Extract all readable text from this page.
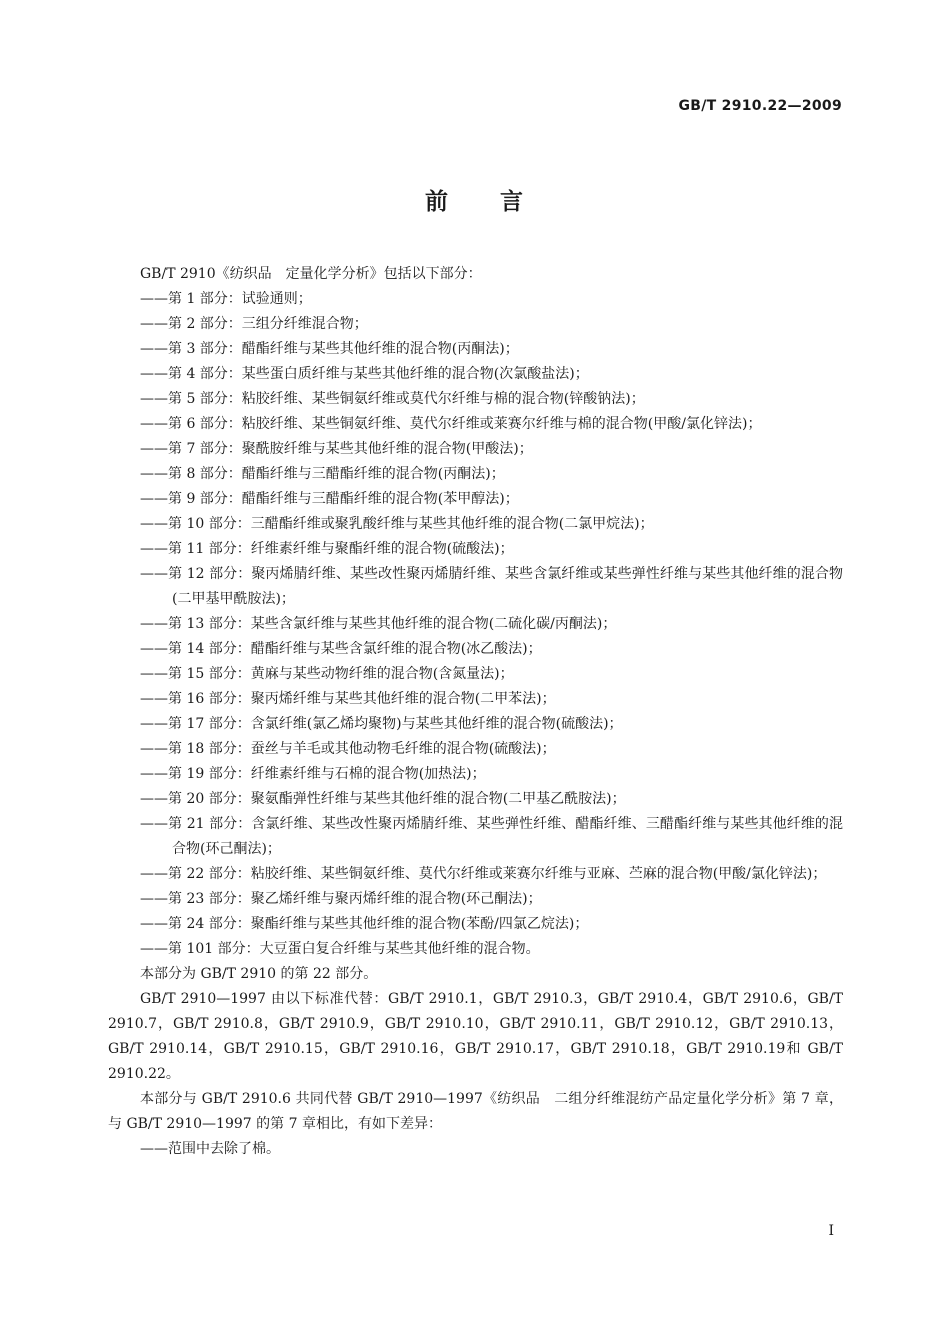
GB/T 2910.22—2009
前 言

GB/T 2910《纺织品　定量化学分析》包括以下部分：

——第 1 部分：试验通则；

——第 2 部分：三组分纤维混合物；

——第 3 部分：醋酯纤维与某些其他纤维的混合物(丙酮法)；

——第 4 部分：某些蛋白质纤维与某些其他纤维的混合物(次氯酸盐法)；

——第 5 部分：粘胶纤维、某些铜氨纤维或莫代尔纤维与棉的混合物(锌酸钠法)；

——第 6 部分：粘胶纤维、某些铜氨纤维、莫代尔纤维或莱赛尔纤维与棉的混合物(甲酸/氯化锌法)；

——第 7 部分：聚酰胺纤维与某些其他纤维的混合物(甲酸法)；

——第 8 部分：醋酯纤维与三醋酯纤维的混合物(丙酮法)；

——第 9 部分：醋酯纤维与三醋酯纤维的混合物(苯甲醇法)；

——第 10 部分：三醋酯纤维或聚乳酸纤维与某些其他纤维的混合物(二氯甲烷法)；

——第 11 部分：纤维素纤维与聚酯纤维的混合物(硫酸法)；

——第 12 部分：聚丙烯腈纤维、某些改性聚丙烯腈纤维、某些含氯纤维或某些弹性纤维与某些其他纤维的混合物(二甲基甲酰胺法)；

——第 13 部分：某些含氯纤维与某些其他纤维的混合物(二硫化碳/丙酮法)；

——第 14 部分：醋酯纤维与某些含氯纤维的混合物(冰乙酸法)；

——第 15 部分：黄麻与某些动物纤维的混合物(含氮量法)；

——第 16 部分：聚丙烯纤维与某些其他纤维的混合物(二甲苯法)；

——第 17 部分：含氯纤维(氯乙烯均聚物)与某些其他纤维的混合物(硫酸法)；

——第 18 部分：蚕丝与羊毛或其他动物毛纤维的混合物(硫酸法)；

——第 19 部分：纤维素纤维与石棉的混合物(加热法)；

——第 20 部分：聚氨酯弹性纤维与某些其他纤维的混合物(二甲基乙酰胺法)；

——第 21 部分：含氯纤维、某些改性聚丙烯腈纤维、某些弹性纤维、醋酯纤维、三醋酯纤维与某些其他纤维的混合物(环己酮法)；

——第 22 部分：粘胶纤维、某些铜氨纤维、莫代尔纤维或莱赛尔纤维与亚麻、苎麻的混合物(甲酸/氯化锌法)；

——第 23 部分：聚乙烯纤维与聚丙烯纤维的混合物(环己酮法)；

——第 24 部分：聚酯纤维与某些其他纤维的混合物(苯酚/四氯乙烷法)；

——第 101 部分：大豆蛋白复合纤维与某些其他纤维的混合物。

本部分为 GB/T 2910 的第 22 部分。

GB/T 2910—1997 由以下标准代替：GB/T 2910.1，GB/T 2910.3，GB/T 2910.4，GB/T 2910.6，GB/T 2910.7，GB/T 2910.8，GB/T 2910.9，GB/T 2910.10，GB/T 2910.11，GB/T 2910.12，GB/T 2910.13，GB/T 2910.14，GB/T 2910.15，GB/T 2910.16，GB/T 2910.17，GB/T 2910.18，GB/T 2910.19和 GB/T 2910.22。

本部分与 GB/T 2910.6 共同代替 GB/T 2910—1997《纺织品　二组分纤维混纺产品定量化学分析》第 7 章，与 GB/T 2910—1997 的第 7 章相比，有如下差异：

——范围中去除了棉。

I
